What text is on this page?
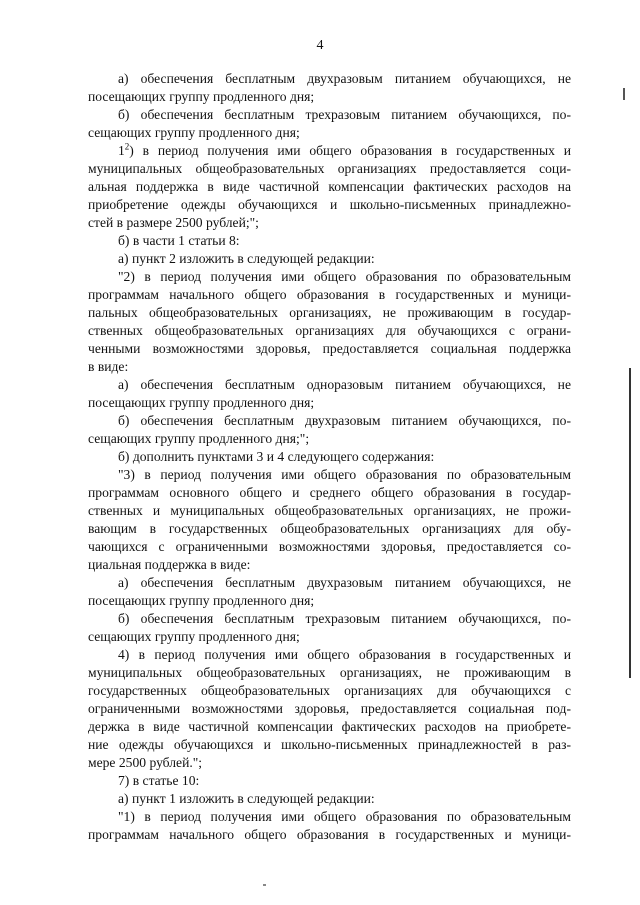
4
а) обеспечения бесплатным двухразовым питанием обучающихся, не
посещающих группу продленного дня;
б) обеспечения бесплатным трехразовым питанием обучающихся, по-
сещающих группу продленного дня;
$1^2$) в период получения ими общего образования в государственных и
муниципальных общеобразовательных организациях предоставляется соци-
альная поддержка в виде частичной компенсации фактических расходов на
приобретение одежды обучающихся и школьно-письменных принадлежно-
стей в размере 2500 рублей;";
б) в части 1 статьи 8:
а) пункт 2 изложить в следующей редакции:
"2) в период получения ими общего образования по образовательным
программам начального общего образования в государственных и муници-
пальных общеобразовательных организациях, не проживающим в государ-
ственных общеобразовательных организациях для обучающихся с ограни-
ченными возможностями здоровья, предоставляется социальная поддержка
в виде:
а) обеспечения бесплатным одноразовым питанием обучающихся, не
посещающих группу продленного дня;
б) обеспечения бесплатным двухразовым питанием обучающихся, по-
сещающих группу продленного дня;";
б) дополнить пунктами 3 и 4 следующего содержания:
"3) в период получения ими общего образования по образовательным
программам основного общего и среднего общего образования в государ-
ственных и муниципальных общеобразовательных организациях, не прожи-
вающим в государственных общеобразовательных организациях для обу-
чающихся с ограниченными возможностями здоровья, предоставляется со-
циальная поддержка в виде:
а) обеспечения бесплатным двухразовым питанием обучающихся, не
посещающих группу продленного дня;
б) обеспечения бесплатным трехразовым питанием обучающихся, по-
сещающих группу продленного дня;
4) в период получения ими общего образования в государственных и
муниципальных общеобразовательных организациях, не проживающим в
государственных общеобразовательных организациях для обучающихся с
ограниченными возможностями здоровья, предоставляется социальная под-
держка в виде частичной компенсации фактических расходов на приобрете-
ние одежды обучающихся и школьно-письменных принадлежностей в раз-
мере 2500 рублей.";
7) в статье 10:
а) пункт 1 изложить в следующей редакции:
"1) в период получения ими общего образования по образовательным
программам начального общего образования в государственных и муници-
